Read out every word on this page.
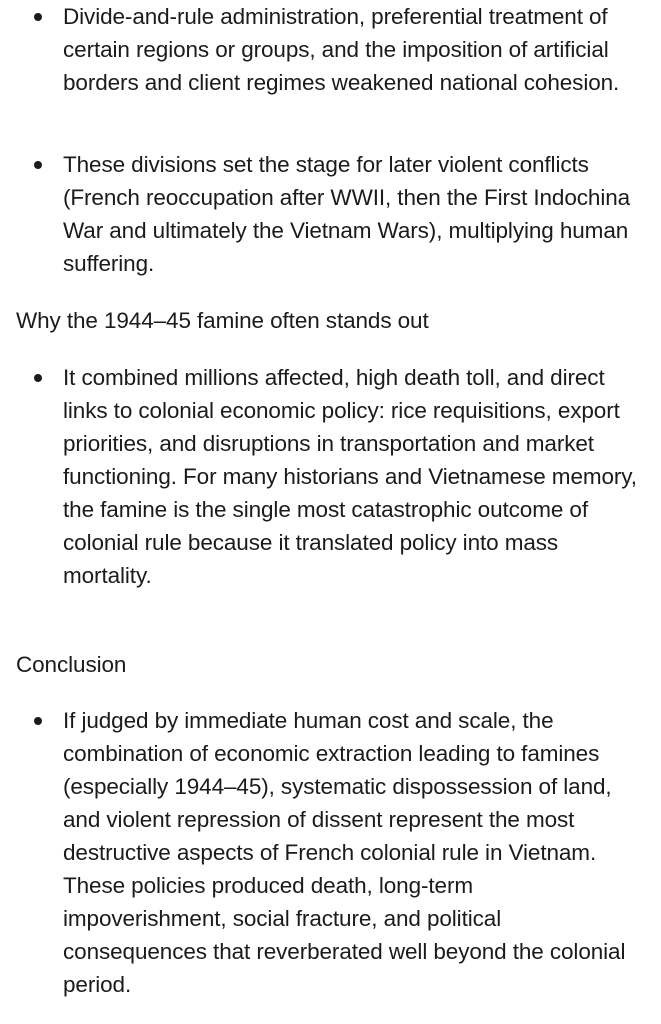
Divide-and-rule administration, preferential treatment of certain regions or groups, and the imposition of artificial borders and client regimes weakened national cohesion.
These divisions set the stage for later violent conflicts (French reoccupation after WWII, then the First Indochina War and ultimately the Vietnam Wars), multiplying human suffering.
Why the 1944–45 famine often stands out
It combined millions affected, high death toll, and direct links to colonial economic policy: rice requisitions, export priorities, and disruptions in transportation and market functioning. For many historians and Vietnamese memory, the famine is the single most catastrophic outcome of colonial rule because it translated policy into mass mortality.
Conclusion
If judged by immediate human cost and scale, the combination of economic extraction leading to famines (especially 1944–45), systematic dispossession of land, and violent repression of dissent represent the most destructive aspects of French colonial rule in Vietnam. These policies produced death, long-term impoverishment, social fracture, and political consequences that reverberated well beyond the colonial period.
